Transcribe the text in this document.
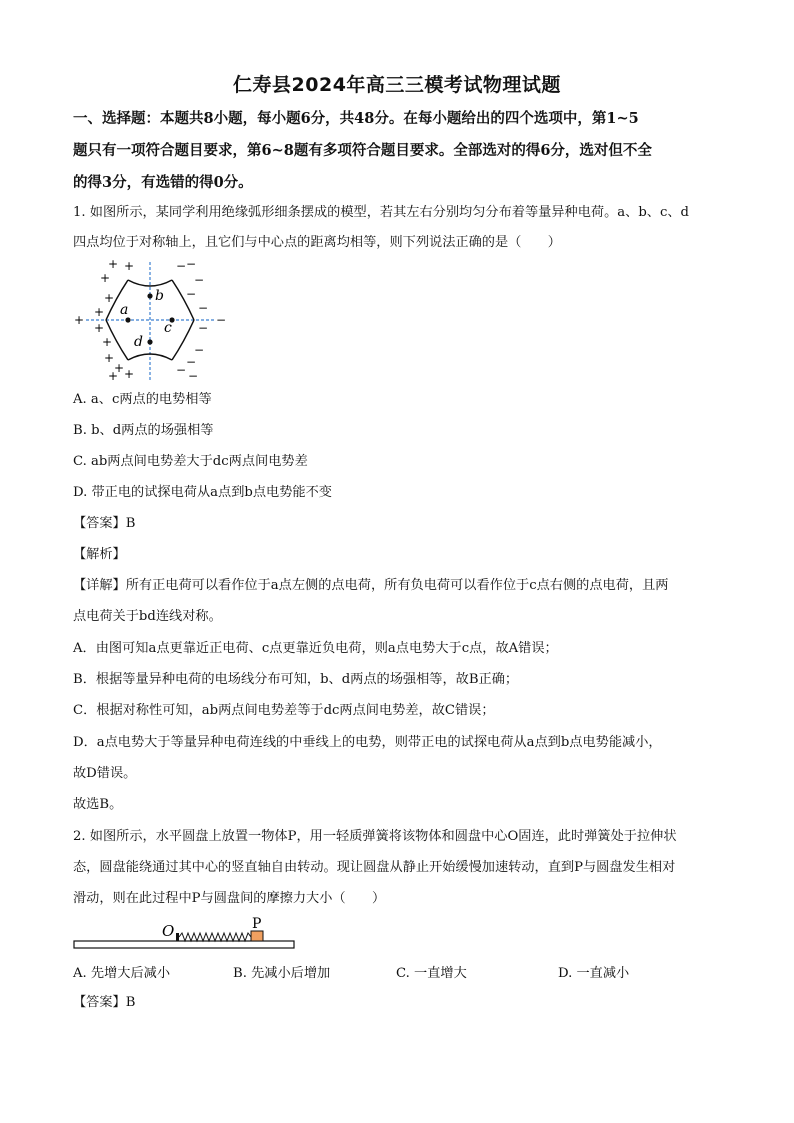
仁寿县2024年高三三模考试物理试题
一、选择题：本题共8小题，每小题6分，共48分。在每小题给出的四个选项中，第1~5
题只有一项符合题目要求，第6~8题有多项符合题目要求。全部选对的得6分，选对但不全
的得3分，有选错的得0分。
1. 如图所示，某同学利用绝缘弧形细条摆成的模型，若其左右分别均匀分布着等量异种电荷。a、b、c、d
四点均位于对称轴上，且它们与中心点的距离均相等，则下列说法正确的是（　　）
a
b
c
d
+ +
+
+
+
+
+
+
+
+
+ +
− −
−
−
−
−
−
−
−
− −
A. a、c两点的电势相等
B. b、d两点的场强相等
C. ab两点间电势差大于dc两点间电势差
D. 带正电的试探电荷从a点到b点电势能不变
【答案】B
【解析】
【详解】所有正电荷可以看作位于a点左侧的点电荷，所有负电荷可以看作位于c点右侧的点电荷，且两
点电荷关于bd连线对称。
A．由图可知a点更靠近正电荷、c点更靠近负电荷，则a点电势大于c点，故A错误；
B．根据等量异种电荷的电场线分布可知，b、d两点的场强相等，故B正确；
C．根据对称性可知，ab两点间电势差等于dc两点间电势差，故C错误；
D．a点电势大于等量异种电荷连线的中垂线上的电势，则带正电的试探电荷从a点到b点电势能减小，
故D错误。
故选B。
2. 如图所示，水平圆盘上放置一物体P，用一轻质弹簧将该物体和圆盘中心O固连，此时弹簧处于拉伸状
态，圆盘能绕通过其中心的竖直轴自由转动。现让圆盘从静止开始缓慢加速转动，直到P与圆盘发生相对
滑动，则在此过程中P与圆盘间的摩擦力大小（　　）
O	P
A. 先增大后减小	B. 先减小后增加	C. 一直增大	D. 一直减小
【答案】B
